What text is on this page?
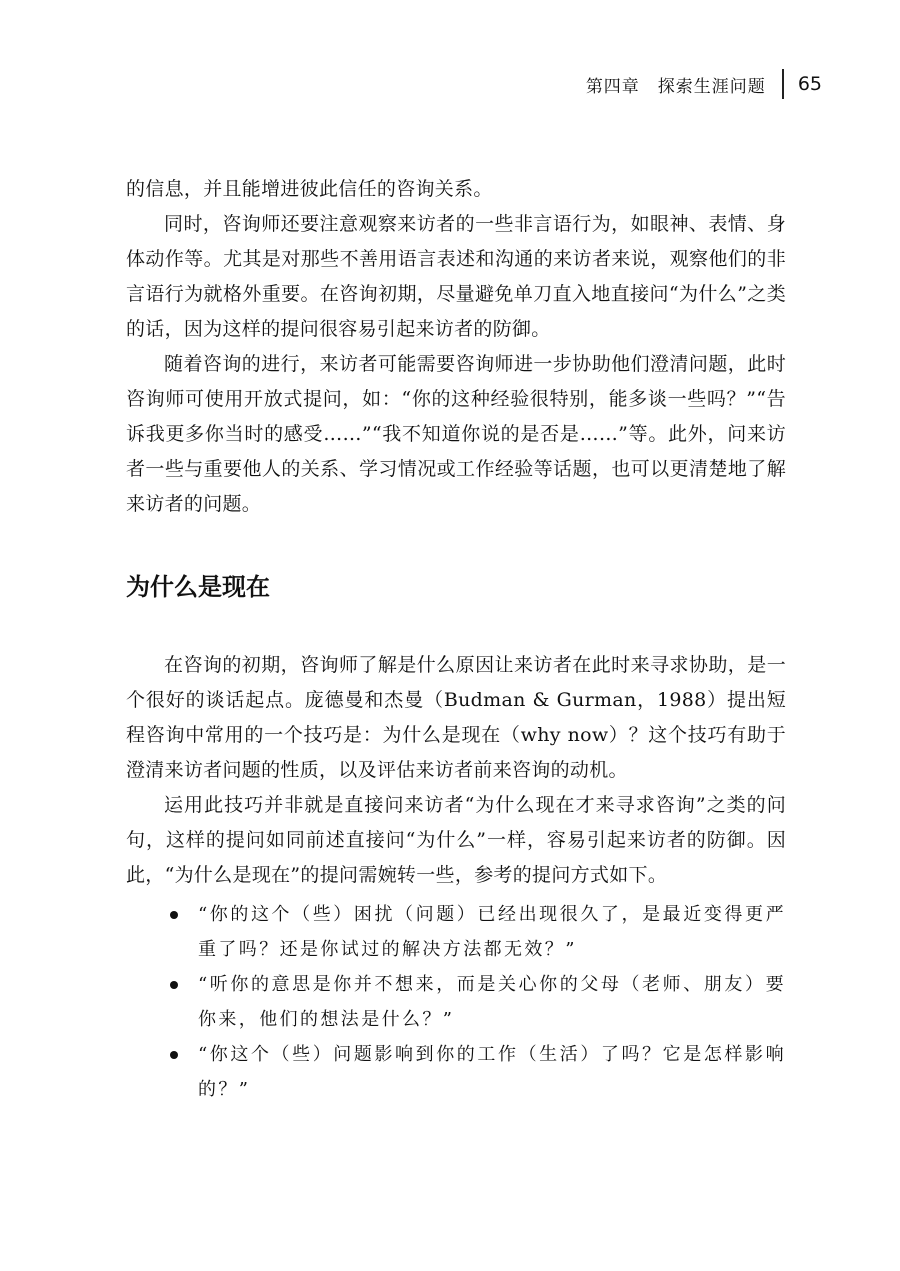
第四章　探索生涯问题 65

的信息，并且能增进彼此信任的咨询关系。

同时，咨询师还要注意观察来访者的一些非言语行为，如眼神、表情、身体动作等。尤其是对那些不善用语言表述和沟通的来访者来说，观察他们的非言语行为就格外重要。在咨询初期，尽量避免单刀直入地直接问“为什么”之类的话，因为这样的提问很容易引起来访者的防御。

随着咨询的进行，来访者可能需要咨询师进一步协助他们澄清问题，此时咨询师可使用开放式提问，如：“你的这种经验很特别，能多谈一些吗？”“告诉我更多你当时的感受……”“我不知道你说的是否是……”等。此外，问来访者一些与重要他人的关系、学习情况或工作经验等话题，也可以更清楚地了解来访者的问题。

为什么是现在

在咨询的初期，咨询师了解是什么原因让来访者在此时来寻求协助，是一个很好的谈话起点。庞德曼和杰曼（Budman & Gurman，1988）提出短程咨询中常用的一个技巧是：为什么是现在（why now）？这个技巧有助于澄清来访者问题的性质，以及评估来访者前来咨询的动机。

运用此技巧并非就是直接问来访者“为什么现在才来寻求咨询”之类的问句，这样的提问如同前述直接问“为什么”一样，容易引起来访者的防御。因此，“为什么是现在”的提问需婉转一些，参考的提问方式如下。

“你的这个（些）困扰（问题）已经出现很久了，是最近变得更严重了吗？还是你试过的解决方法都无效？”
“听你的意思是你并不想来，而是关心你的父母（老师、朋友）要你来，他们的想法是什么？”
“你这个（些）问题影响到你的工作（生活）了吗？它是怎样影响的？”
